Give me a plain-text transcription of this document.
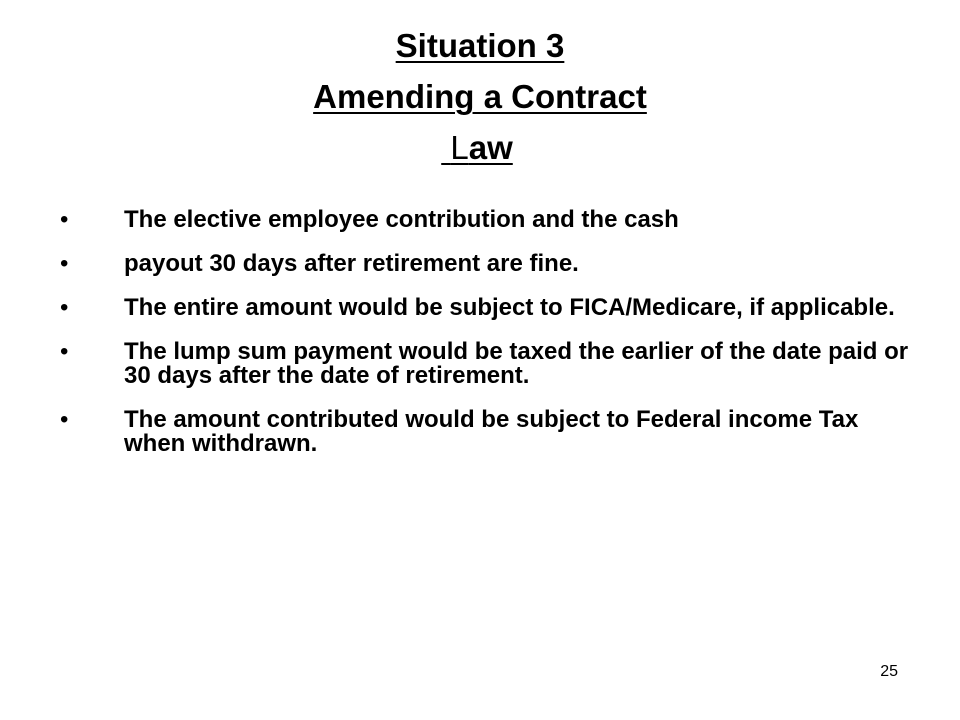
Situation 3
Amending a Contract
Law
• The elective employee contribution and the cash
• payout 30 days after retirement are fine.
• The entire amount would be subject to FICA/Medicare, if applicable.
• The lump sum payment would be taxed the earlier of the date paid or 30 days after the date of retirement.
• The amount contributed would be subject to Federal income Tax when withdrawn.
25
